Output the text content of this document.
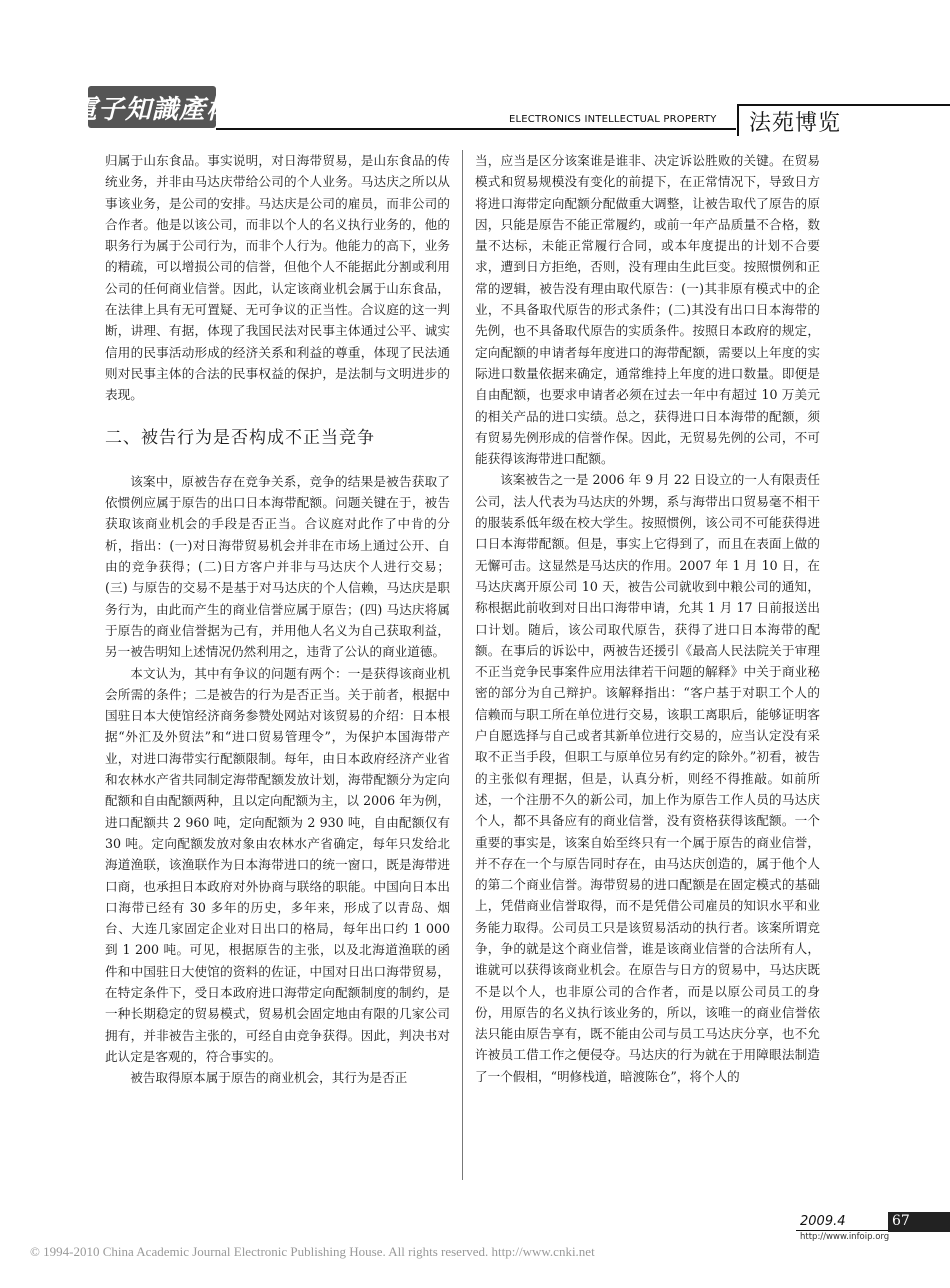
電子知識產權	ELECTRONICS INTELLECTUAL PROPERTY 法苑博览

归属于山东食品。事实说明，对日海带贸易，是山东食品的传统业务，并非由马达庆带给公司的个人业务。马达庆之所以从事该业务，是公司的安排。马达庆是公司的雇员，而非公司的合作者。他是以该公司，而非以个人的名义执行业务的，他的职务行为属于公司行为，而非个人行为。他能力的高下，业务的精疏，可以增损公司的信誉，但他个人不能据此分割或利用公司的任何商业信誉。因此，认定该商业机会属于山东食品，在法律上具有无可置疑、无可争议的正当性。合议庭的这一判断，讲理、有据，体现了我国民法对民事主体通过公平、诚实信用的民事活动形成的经济关系和利益的尊重，体现了民法通则对民事主体的合法的民事权益的保护，是法制与文明进步的表现。

二、被告行为是否构成不正当竞争

该案中，原被告存在竞争关系，竞争的结果是被告获取了依惯例应属于原告的出口日本海带配额。问题关键在于，被告获取该商业机会的手段是否正当。合议庭对此作了中肯的分析，指出：(一)对日海带贸易机会并非在市场上通过公开、自由的竞争获得；(二)日方客户并非与马达庆个人进行交易；(三) 与原告的交易不是基于对马达庆的个人信赖，马达庆是职务行为，由此而产生的商业信誉应属于原告；(四) 马达庆将属于原告的商业信誉据为己有，并用他人名义为自己获取利益，另一被告明知上述情况仍然利用之，违背了公认的商业道德。

本文认为，其中有争议的问题有两个：一是获得该商业机会所需的条件；二是被告的行为是否正当。关于前者，根据中国驻日本大使馆经济商务参赞处网站对该贸易的介绍：日本根据“外汇及外贸法”和“进口贸易管理令”，为保护本国海带产业，对进口海带实行配额限制。每年，由日本政府经济产业省和农林水产省共同制定海带配额发放计划，海带配额分为定向配额和自由配额两种，且以定向配额为主，以 2006 年为例，进口配额共 2 960 吨，定向配额为 2 930 吨，自由配额仅有 30 吨。定向配额发放对象由农林水产省确定，每年只发给北海道渔联，该渔联作为日本海带进口的统一窗口，既是海带进口商，也承担日本政府对外协商与联络的职能。中国向日本出口海带已经有 30 多年的历史，多年来，形成了以青岛、烟台、大连几家固定企业对日出口的格局，每年出口约 1 000 到 1 200 吨。可见，根据原告的主张，以及北海道渔联的函件和中国驻日大使馆的资料的佐证，中国对日出口海带贸易，在特定条件下，受日本政府进口海带定向配额制度的制约，是一种长期稳定的贸易模式，贸易机会固定地由有限的几家公司拥有，并非被告主张的，可经自由竞争获得。因此，判决书对此认定是客观的，符合事实的。

被告取得原本属于原告的商业机会，其行为是否正

当，应当是区分该案谁是谁非、决定诉讼胜败的关键。在贸易模式和贸易规模没有变化的前提下，在正常情况下，导致日方将进口海带定向配额分配做重大调整，让被告取代了原告的原因，只能是原告不能正常履约，或前一年产品质量不合格，数量不达标，未能正常履行合同，或本年度提出的计划不合要求，遭到日方拒绝，否则，没有理由生此巨变。按照惯例和正常的逻辑，被告没有理由取代原告：(一)其非原有模式中的企业，不具备取代原告的形式条件；(二)其没有出口日本海带的先例，也不具备取代原告的实质条件。按照日本政府的规定，定向配额的申请者每年度进口的海带配额，需要以上年度的实际进口数量依据来确定，通常维持上年度的进口数量。即便是自由配额，也要求申请者必须在过去一年中有超过 10 万美元的相关产品的进口实绩。总之，获得进口日本海带的配额，须有贸易先例形成的信誉作保。因此，无贸易先例的公司，不可能获得该海带进口配额。

该案被告之一是 2006 年 9 月 22 日设立的一人有限责任公司，法人代表为马达庆的外甥，系与海带出口贸易毫不相干的服装系低年级在校大学生。按照惯例，该公司不可能获得进口日本海带配额。但是，事实上它得到了，而且在表面上做的无懈可击。这显然是马达庆的作用。2007 年 1 月 10 日，在马达庆离开原公司 10 天，被告公司就收到中粮公司的通知，称根据此前收到对日出口海带申请，允其 1 月 17 日前报送出口计划。随后，该公司取代原告，获得了进口日本海带的配额。在事后的诉讼中，两被告还援引《最高人民法院关于审理不正当竞争民事案件应用法律若干问题的解释》中关于商业秘密的部分为自己辩护。该解释指出：“客户基于对职工个人的信赖而与职工所在单位进行交易，该职工离职后，能够证明客户自愿选择与自己或者其新单位进行交易的，应当认定没有采取不正当手段，但职工与原单位另有约定的除外。”初看，被告的主张似有理据，但是，认真分析，则经不得推敲。如前所述，一个注册不久的新公司，加上作为原告工作人员的马达庆个人，都不具备应有的商业信誉，没有资格获得该配额。一个重要的事实是，该案自始至终只有一个属于原告的商业信誉，并不存在一个与原告同时存在，由马达庆创造的，属于他个人的第二个商业信誉。海带贸易的进口配额是在固定模式的基础上，凭借商业信誉取得，而不是凭借公司雇员的知识水平和业务能力取得。公司员工只是该贸易活动的执行者。该案所谓竞争，争的就是这个商业信誉，谁是该商业信誉的合法所有人，谁就可以获得该商业机会。在原告与日方的贸易中，马达庆既不是以个人，也非原公司的合作者，而是以原公司员工的身份，用原告的名义执行该业务的，所以，该唯一的商业信誉依法只能由原告享有，既不能由公司与员工马达庆分享，也不允许被员工借工作之便侵夺。马达庆的行为就在于用障眼法制造了一个假相，“明修栈道，暗渡陈仓”，将个人的

2009.4	67
http://www.infoip.org
© 1994-2010 China Academic Journal Electronic Publishing House. All rights reserved. http://www.cnki.net
